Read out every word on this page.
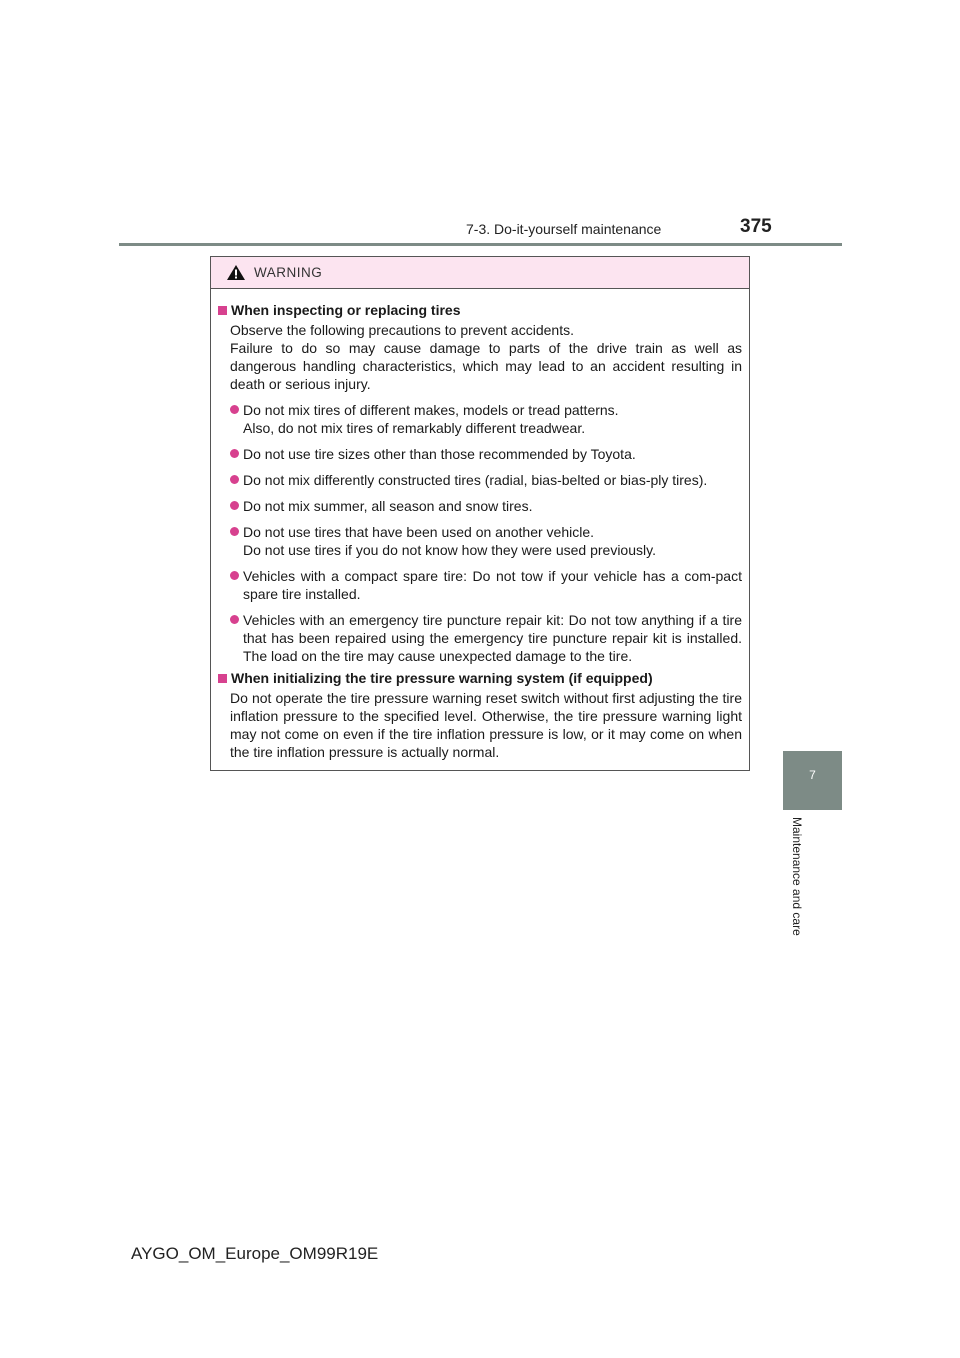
7-3. Do-it-yourself maintenance	375
7
Maintenance and care
WARNING
When inspecting or replacing tires
Observe the following precautions to prevent accidents.
Failure to do so may cause damage to parts of the drive train as well as dangerous handling characteristics, which may lead to an accident resulting in death or serious injury.
Do not mix tires of different makes, models or tread patterns.
Also, do not mix tires of remarkably different treadwear.
Do not use tire sizes other than those recommended by Toyota.
Do not mix differently constructed tires (radial, bias-belted or bias-ply tires).
Do not mix summer, all season and snow tires.
Do not use tires that have been used on another vehicle.
Do not use tires if you do not know how they were used previously.
Vehicles with a compact spare tire: Do not tow if your vehicle has a com-pact spare tire installed.
Vehicles with an emergency tire puncture repair kit: Do not tow anything if a tire that has been repaired using the emergency tire puncture repair kit is installed. The load on the tire may cause unexpected damage to the tire.
When initializing the tire pressure warning system (if equipped)
Do not operate the tire pressure warning reset switch without first adjusting the tire inflation pressure to the specified level. Otherwise, the tire pressure warning light may not come on even if the tire inflation pressure is low, or it may come on when the tire inflation pressure is actually normal.
AYGO_OM_Europe_OM99R19E
